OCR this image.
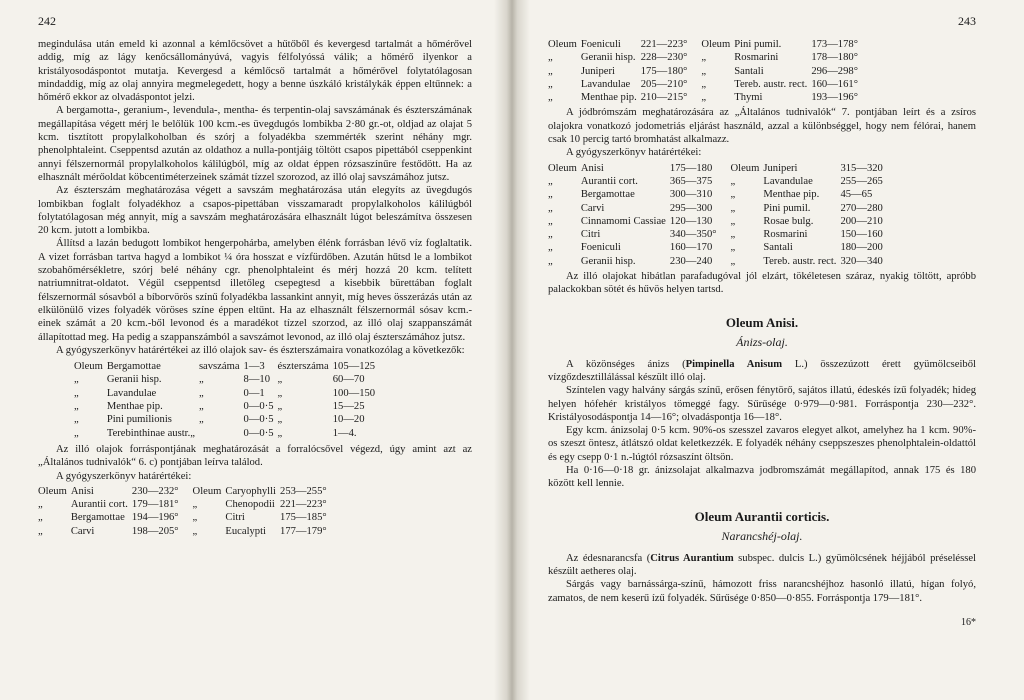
242

megindulása után emeld ki azonnal a kémlőcsövet a hűtőből és kevergesd tartalmát a hőmérővel addig, míg az lágy kenőcsállományúvá, vagyis félfolyóssá válik; a hőmérő ilyenkor a kristályosodáspontot mutatja. Kevergesd a kémlőcső tartalmát a hőmérővel folytatólagosan mindaddig, míg az olaj annyira megmelegedett, hogy a benne úszkáló kristálykák éppen eltűnnek: a hőmérő ekkor az olvadáspontot jelzi.

A bergamotta-, geranium-, levendula-, mentha- és terpentin-olaj savszámának és észterszámának megállapítása végett mérj le belőlük 100 kcm.-es üvegdugós lombikba 2·80 gr.-ot, oldjad az olajat 5 kcm. tisztított propylalkoholban és szórj a folyadékba szemmérték szerint néhány mgr. phenolphtaleint. Cseppentsd azután az oldathoz a nulla-pontjáig töltött csapos pipettából cseppenkint annyi félszernormál propylalkoholos kálilúgból, míg az oldat éppen rózsaszínűre festődött. Ha az elhasznált mérőoldat köbcentiméterzeinek számát tízzel szorozod, az illó olaj savszámához jutsz.

Az észterszám meghatározása végett a savszám meghatározása után elegyíts az üvegdugós lombikban foglalt folyadékhoz a csapos-pipettában visszamaradt propylalkoholos kálilúgból folytatólagosan még annyit, míg a savszám meghatározására elhasznált lúgot beleszámítva összesen 20 kcm. jutott a lombikba.

Állítsd a lazán bedugott lombikot hengerpohárba, amelyben élénk forrásban lévő víz foglaltatik. A vizet forrásban tartva hagyd a lombikot ¼ óra hosszat e vízfürdőben. Azután hűtsd le a lombikot szobahőmérsékletre, szórj belé néhány cgr. phenolphtaleint és mérj hozzá 20 kcm. telített natriumnitrat-oldatot. Végül cseppentsd illetőleg csepegtesd a kisebbik bürettában foglalt félszernormál sósavból a bíborvörös színű folyadékba lassankint annyit, míg heves összerázás után az elkülönülő vizes folyadék vöröses színe éppen eltűnt. Ha az elhasznált félszernormál sósav kcm.-einek számát a 20 kcm.-ből levonod és a maradékot tízzel szorzod, az illó olaj szappanszámát állapítottad meg. Ha pedig a szappanszámból a savszámot levonod, az illó olaj észterszámához jutsz.

A gyógyszerkönyv határértékei az illó olajok sav- és észterszámaira vonatkozólag a következők:

Oleum	Bergamottae	savszáma	1—3	észterszáma	105—125
„	Geranii hisp.	„	8—10	„	60—70
„	Lavandulae	„	0—1	„	100—150
„	Menthae pip.	„	0—0·5	„	15—25
„	Pini pumilionis	„	0—0·5	„	10—20
„	Terebinthinae austr.„		0—0·5	„	1—4.

Az illó olajok forráspontjának meghatározását a forralócsővel végezd, úgy amint azt az „Általános tudnivalók“ 6. c) pontjában leírva találod.

A gyógyszerkönyv határértékei:

Oleum	Anisi	230—232°	Oleum	Caryophylli	253—255°
„	Aurantii cort.	179—181°	„	Chenopodii	221—223°
„	Bergamottae	194—196°	„	Citri	175—185°
„	Carvi	198—205°	„	Eucalypti	177—179°
243
Oleum	Foeniculi	221—223°	Oleum	Pini pumil.	173—178°
„	Geranii hisp.	228—230°	„	Rosmarini	178—180°
„	Juniperi	175—180°	„	Santali	296—298°
„	Lavandulae	205—210°	„	Tereb. austr. rect.	160—161°
„	Menthae pip.	210—215°	„	Thymi	193—196°

A jódbrómszám meghatározására az „Általános tudnivalók“ 7. pontjában leírt és a zsíros olajokra vonatkozó jodometriás eljárást használd, azzal a különbséggel, hogy nem félórai, hanem csak 10 percig tartó bromhatást alkalmazz.

A gyógyszerkönyv határértékei:

Oleum	Anisi	175—180	Oleum	Juniperi	315—320
„	Aurantii cort.	365—375	„	Lavandulae	255—265
„	Bergamottae	300—310	„	Menthae pip.	45—65
„	Carvi	295—300	„	Pini pumil.	270—280
„	Cinnamomi Cassiae	120—130	„	Rosae bulg.	200—210
„	Citri	340—350°	„	Rosmarini	150—160
„	Foeniculi	160—170	„	Santali	180—200
„	Geranii hisp.	230—240	„	Tereb. austr. rect.	320—340

Az illó olajokat hibátlan parafadugóval jól elzárt, tökéletesen száraz, nyakig töltött, apróbb palackokban sötét és hűvös helyen tartsd.

Oleum Anisi.
Ánizs-olaj.

A közönséges ánizs (Pimpinella Anisum L.) összezúzott érett gyümölcseiből vízgőzdesztillálással készült illó olaj.

Színtelen vagy halvány sárgás színű, erősen fénytörő, sajátos illatú, édeskés ízű folyadék; hideg helyen hófehér kristályos tömeggé fagy. Sűrűsége 0·979—0·981. Forráspontja 230—232°. Kristályosodáspontja 14—16°; olvadáspontja 16—18°.

Egy kcm. ánizsolaj 0·5 kcm. 90%-os szesszel zavaros elegyet alkot, amelyhez ha 1 kcm. 90%-os szeszt öntesz, átlátszó oldat keletkezzék. E folyadék néhány cseppszeszes phenolphtalein-oldattól és egy csepp 0·1 n.-lúgtól rózsaszínt öltsön.

Ha 0·16—0·18 gr. ánizsolajat alkalmazva jodbromszámát megállapítod, annak 175 és 180 között kell lennie.

Oleum Aurantii corticis.
Narancshéj-olaj.

Az édesnarancsfa (Citrus Aurantium subspec. dulcis L.) gyümölcsének héjjából préseléssel készült aetheres olaj.

Sárgás vagy barnássárga-színű, hámozott friss narancshéjhoz hasonló illatú, hígan folyó, zamatos, de nem keserű ízű folyadék. Sűrűsége 0·850—0·855. Forráspontja 179—181°.

16*
